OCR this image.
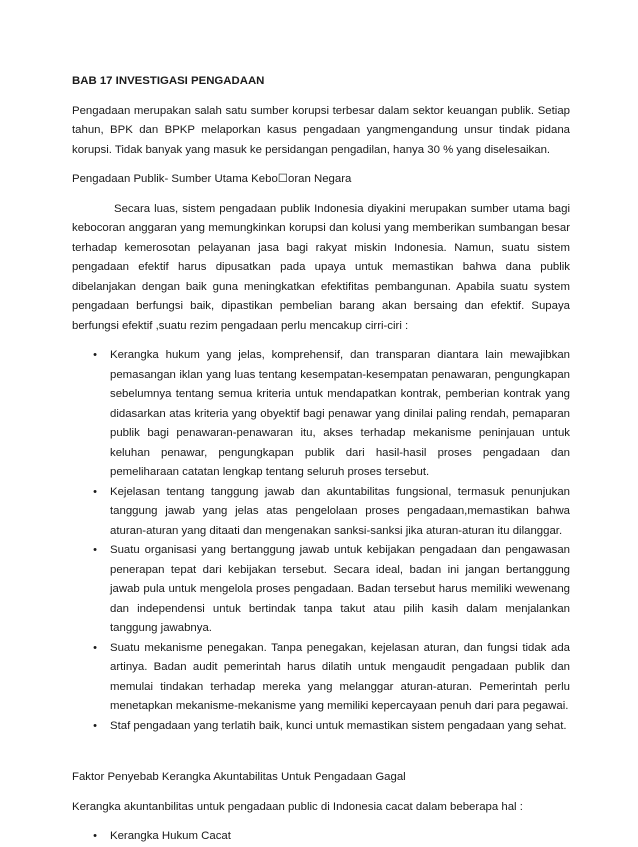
BAB 17 INVESTIGASI PENGADAAN

Pengadaan merupakan salah satu sumber korupsi terbesar dalam sektor keuangan publik. Setiap tahun, BPK dan BPKP melaporkan kasus pengadaan yangmengandung unsur tindak pidana korupsi. Tidak banyak yang masuk ke persidangan pengadilan, hanya 30 % yang diselesaikan.

Pengadaan Publik- Sumber Utama Kebo☐oran Negara

Secara luas, sistem pengadaan publik Indonesia diyakini merupakan sumber utama bagi kebocoran anggaran yang memungkinkan korupsi dan kolusi yang memberikan sumbangan besar terhadap kemerosotan pelayanan jasa bagi rakyat miskin Indonesia. Namun, suatu sistem pengadaan efektif harus dipusatkan pada upaya untuk memastikan bahwa dana publik dibelanjakan dengan baik guna meningkatkan efektifitas pembangunan. Apabila suatu system pengadaan berfungsi baik, dipastikan pembelian barang akan bersaing dan efektif. Supaya berfungsi efektif ,suatu rezim pengadaan perlu mencakup cirri-ciri :

• Kerangka hukum yang jelas, komprehensif, dan transparan diantara lain mewajibkan pemasangan iklan yang luas tentang kesempatan-kesempatan penawaran, pengungkapan sebelumnya tentang semua kriteria untuk mendapatkan kontrak, pemberian kontrak yang didasarkan atas kriteria yang obyektif bagi penawar yang dinilai paling rendah, pemaparan publik bagi penawaran-penawaran itu, akses terhadap mekanisme peninjauan untuk keluhan penawar, pengungkapan publik dari hasil-hasil proses pengadaan dan pemeliharaan catatan lengkap tentang seluruh proses tersebut.
• Kejelasan tentang tanggung jawab dan akuntabilitas fungsional, termasuk penunjukan tanggung jawab yang jelas atas pengelolaan proses pengadaan,memastikan bahwa aturan-aturan yang ditaati dan mengenakan sanksi-sanksi jika aturan-aturan itu dilanggar.
• Suatu organisasi yang bertanggung jawab untuk kebijakan pengadaan dan pengawasan penerapan tepat dari kebijakan tersebut. Secara ideal, badan ini jangan bertanggung jawab pula untuk mengelola proses pengadaan. Badan tersebut harus memiliki wewenang dan independensi untuk bertindak tanpa takut atau pilih kasih dalam menjalankan tanggung jawabnya.
• Suatu mekanisme penegakan. Tanpa penegakan, kejelasan aturan, dan fungsi tidak ada artinya. Badan audit pemerintah harus dilatih untuk mengaudit pengadaan publik dan memulai tindakan terhadap mereka yang melanggar aturan-aturan. Pemerintah perlu menetapkan mekanisme-mekanisme yang memiliki kepercayaan penuh dari para pegawai.
• Staf pengadaan yang terlatih baik, kunci untuk memastikan sistem pengadaan yang sehat.

Faktor Penyebab Kerangka Akuntabilitas Untuk Pengadaan Gagal

Kerangka akuntanbilitas untuk pengadaan public di Indonesia cacat dalam beberapa hal :

• Kerangka Hukum Cacat
